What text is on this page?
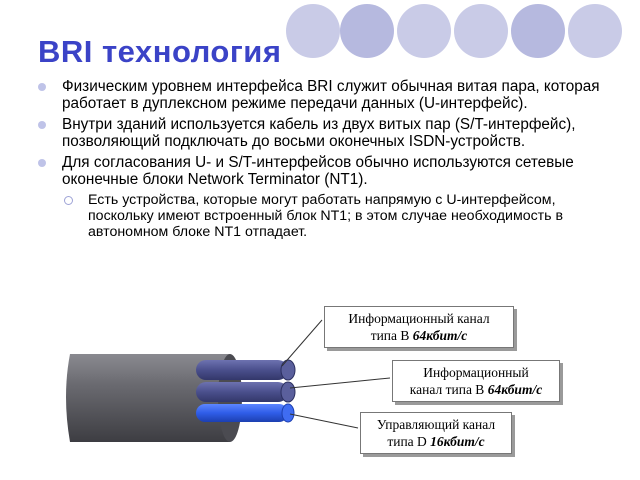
BRI технология
Физическим уровнем интерфейса BRI служит обычная витая пара, которая работает в дуплексном режиме передачи данных (U-интерфейс).
Внутри зданий используется кабель из двух витых пар (S/T-интерфейс), позволяющий подключать до восьми оконечных ISDN-устройств.
Для согласования U- и S/T-интерфейсов обычно используются сетевые оконечные блоки Network Terminator (NT1).
Есть устройства, которые могут работать напрямую с U-интерфейсом, поскольку имеют встроенный блок NT1; в этом случае необходимость в автономном блоке NT1 отпадает.
Информационный канал
типа B 64кбит/с
Информационный
канал типа B 64кбит/с
Управляющий канал
типа D 16кбит/с
